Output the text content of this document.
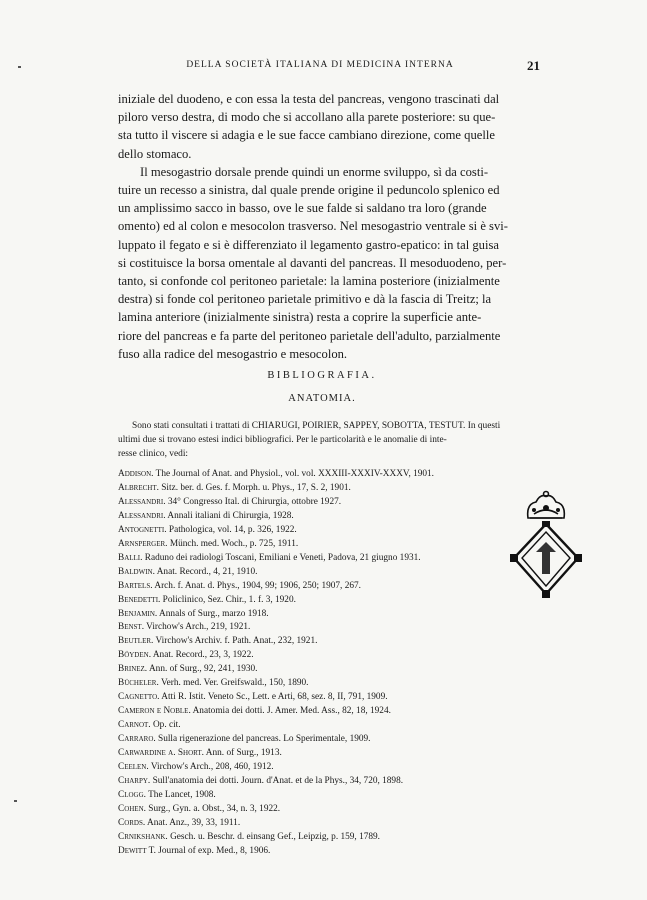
DELLA SOCIETÀ ITALIANA DI MEDICINA INTERNA	21
iniziale del duodeno, e con essa la testa del pancreas, vengono trascinati dal
piloro verso destra, di modo che si accollano alla parete posteriore: su que-
sta tutto il viscere si adagia e le sue facce cambiano direzione, come quelle
dello stomaco.
Il mesogastrio dorsale prende quindi un enorme sviluppo, sì da costi-
tuire un recesso a sinistra, dal quale prende origine il peduncolo splenico ed
un amplissimo sacco in basso, ove le sue falde si saldano tra loro (grande
omento) ed al colon e mesocolon trasverso. Nel mesogastrio ventrale si è svi-
luppato il fegato e si è differenziato il legamento gastro-epatico: in tal guisa
si costituisce la borsa omentale al davanti del pancreas. Il mesoduodeno, per-
tanto, si confonde col peritoneo parietale: la lamina posteriore (inizialmente
destra) si fonde col peritoneo parietale primitivo e dà la fascia di Treitz; la
lamina anteriore (inizialmente sinistra) resta a coprire la superficie ante-
riore del pancreas e fa parte del peritoneo parietale dell'adulto, parzialmente
fuso alla radice del mesogastrio e mesocolon.
BIBLIOGRAFIA.
ANATOMIA.
Sono stati consultati i trattati di CHIARUGI, POIRIER, SAPPEY, SOBOTTA, TESTUT. In questi
ultimi due si trovano estesi indici bibliografici. Per le particolarità e le anomalie di inte-
resse clinico, vedi:
Addison. The Journal of Anat. and Physiol., vol. vol. XXXIII-XXXIV-XXXV, 1901.
Albrecht. Sitz. ber. d. Ges. f. Morph. u. Phys., 17, S. 2, 1901.
Alessandri. 34° Congresso Ital. di Chirurgia, ottobre 1927.
Alessandri. Annali italiani di Chirurgia, 1928.
Antognetti. Pathologica, vol. 14, p. 326, 1922.
Arnsperger. Münch. med. Woch., p. 725, 1911.
Balli. Raduno dei radiologi Toscani, Emiliani e Veneti, Padova, 21 giugno 1931.
Baldwin. Anat. Record., 4, 21, 1910.
Bartels. Arch. f. Anat. d. Phys., 1904, 99; 1906, 250; 1907, 267.
Benedetti. Policlinico, Sez. Chir., 1. f. 3, 1920.
Benjamin. Annals of Surg., marzo 1918.
Benst. Virchow's Arch., 219, 1921.
Beutler. Virchow's Archiv. f. Path. Anat., 232, 1921.
Böyden. Anat. Record., 23, 3, 1922.
Brinez. Ann. of Surg., 92, 241, 1930.
Bücheler. Verh. med. Ver. Greifswald., 150, 1890.
Cagnetto. Atti R. Istit. Veneto Sc., Lett. e Arti, 68, sez. 8, II, 791, 1909.
Cameron e Noble. Anatomia dei dotti. J. Amer. Med. Ass., 82, 18, 1924.
Carnot. Op. cit.
Carraro. Sulla rigenerazione del pancreas. Lo Sperimentale, 1909.
Carwardine a. Short. Ann. of Surg., 1913.
Ceelen. Virchow's Arch., 208, 460, 1912.
Charpy. Sull'anatomia dei dotti. Journ. d'Anat. et de la Phys., 34, 720, 1898.
Clogg. The Lancet, 1908.
Cohen. Surg., Gyn. a. Obst., 34, n. 3, 1922.
Cords. Anat. Anz., 39, 33, 1911.
Crnikshank. Gesch. u. Beschr. d. einsang Gef., Leipzig, p. 159, 1789.
Dewitt T. Journal of exp. Med., 8, 1906.
